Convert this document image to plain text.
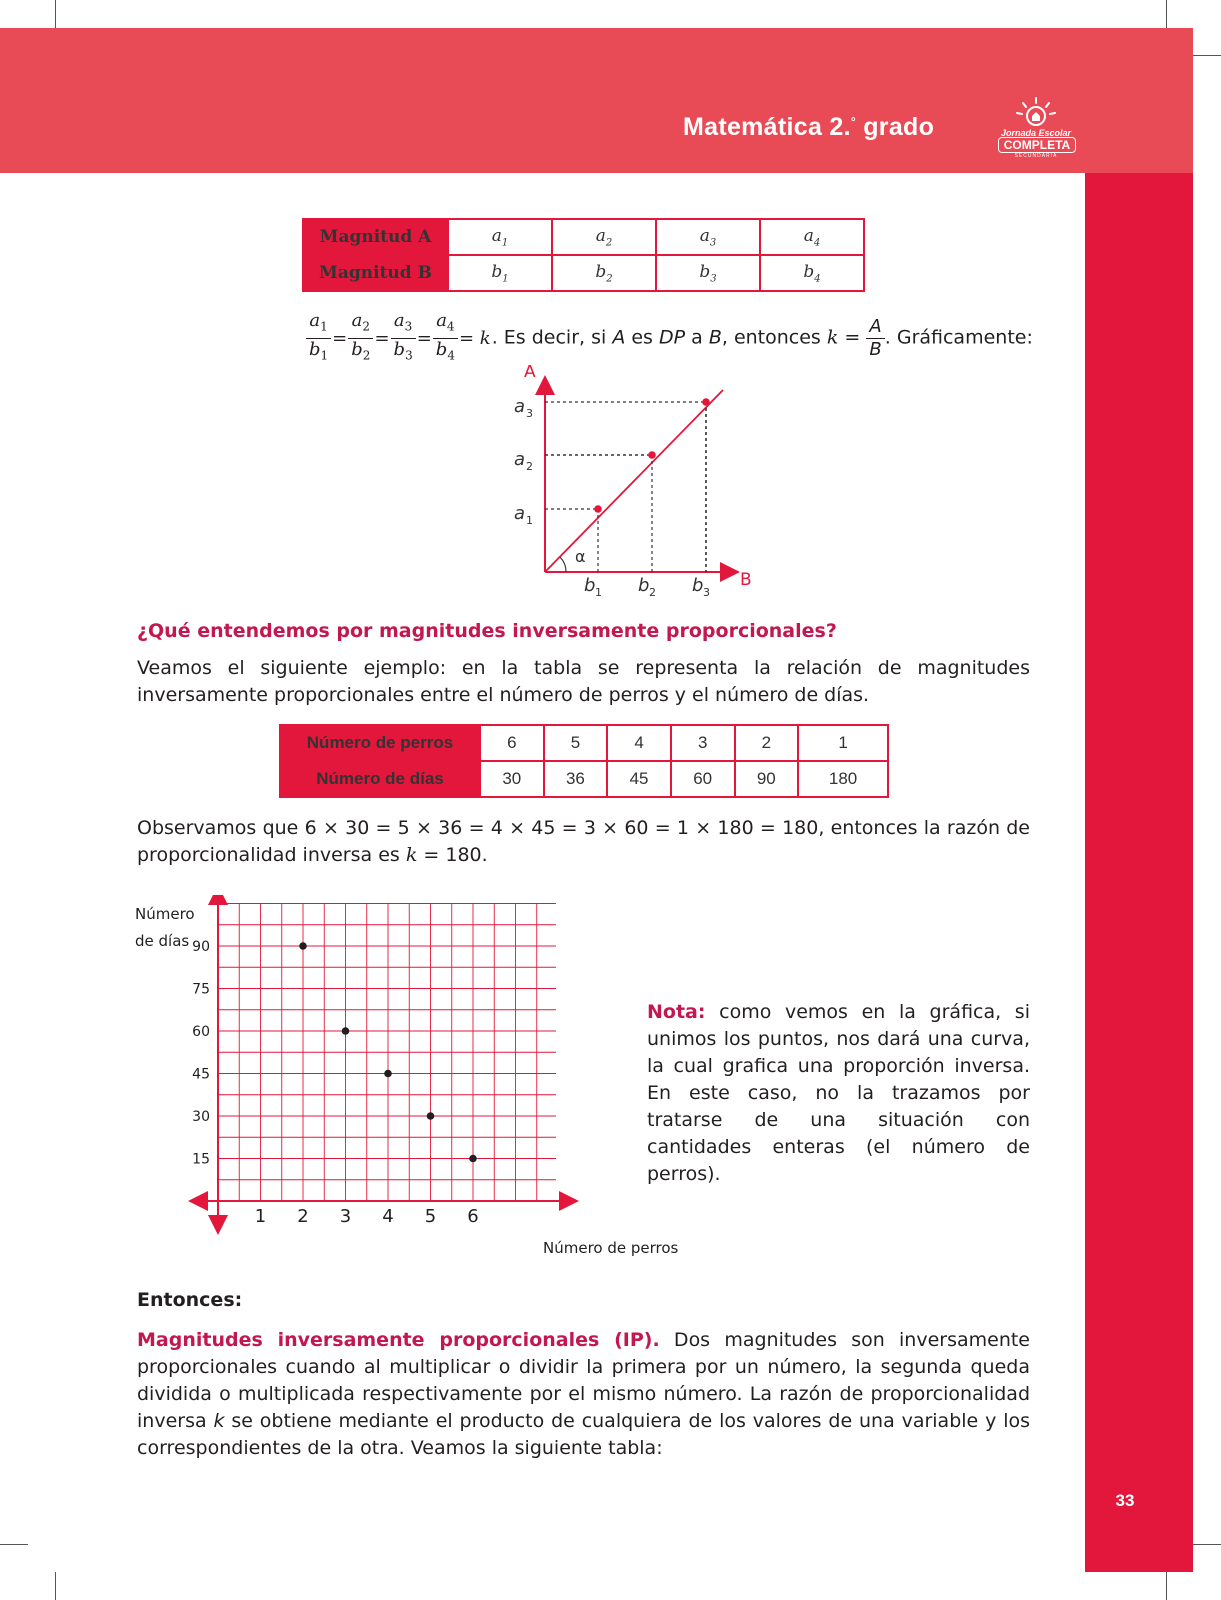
Matemática 2.° grado	Jornada Escolar
COMPLETA
SECUNDARIA
33
Magnitud A	$a_1$	$a_2$	$a_3$	$a_4$
Magnitud B	$b_1$	$b_2$	$b_3$	$b_4$
$\frac{a_1}{b_1} = \frac{a_2}{b_2} = \frac{a_3}{b_3} = \frac{a_4}{b_4} = k$. Es decir, si A es DP a B, entonces $k = \frac{A}{B}$ . Gráficamente:
A
B
α
a
a
a
b b b
3
2
1
1	2	3
¿Qué entendemos por magnitudes inversamente proporcionales?
Veamos el siguiente ejemplo: en la tabla se representa la relación de magnitudes inversamente proporcionales entre el número de perros y el número de días.
Número de perros	6	5	4	3	2	1
Número de días	30	36	45	60	90	180
Observamos que 6 × 30 = 5 × 36 = 4 × 45 = 3 × 60 = 1 × 180 = 180, entonces la razón de proporcionalidad inversa es k = 180.
1 2 3 4 5 6
15
30
45
60
75
90
Número
de días
Número de perros
Nota: como vemos en la gráfica, si unimos los puntos, nos dará una curva, la cual grafica una proporción inversa. En este caso, no la trazamos por tratarse de una situación con cantidades enteras (el número de perros).
Entonces:
Magnitudes inversamente proporcionales (IP). Dos magnitudes son inversamente proporcionales cuando al multiplicar o dividir la primera por un número, la segunda queda dividida o multiplicada respectivamente por el mismo número. La razón de proporcionalidad inversa k se obtiene mediante el producto de cualquiera de los valores de una variable y los correspondientes de la otra. Veamos la siguiente tabla:
